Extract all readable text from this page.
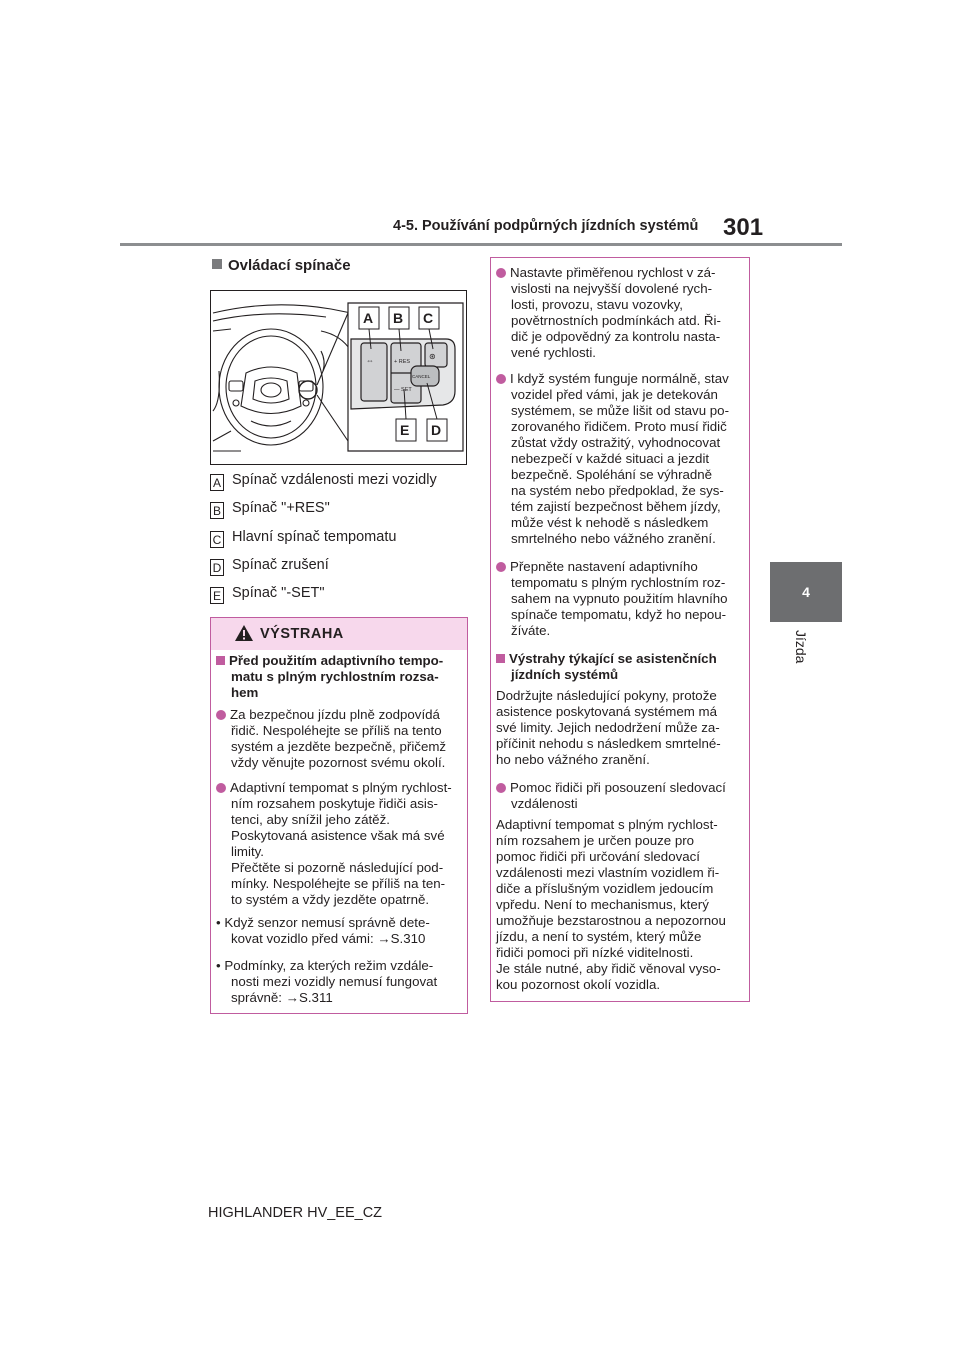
4-5. Používání podpůrných jízdních systémů 301
4
Jízda
Ovládací spínače
⇔	+ RES
— SET
CANCEL
⊛
A B C
E D
A Spínač vzdálenosti mezi vozidly
B Spínač "+RES"
C Hlavní spínač tempomatu
D Spínač zrušení
E Spínač "-SET"
VÝSTRAHA
Před použitím adaptivního tempo-
matu s plným rychlostním rozsa-
hem
Za bezpečnou jízdu plně zodpovídá
řidič. Nespoléhejte se příliš na tento
systém a jezděte bezpečně, přičemž
vždy věnujte pozornost svému okolí.
Adaptivní tempomat s plným rychlost-
ním rozsahem poskytuje řidiči asis-
tenci, aby snížil jeho zátěž.
Poskytovaná asistence však má své
limity.
Přečtěte si pozorně následující pod-
mínky. Nespoléhejte se příliš na ten-
to systém a vždy jezděte opatrně.
• Když senzor nemusí správně dete-
kovat vozidlo před vámi: →S.310
• Podmínky, za kterých režim vzdále-
nosti mezi vozidly nemusí fungovat
správně: →S.311
Nastavte přiměřenou rychlost v zá-
vislosti na nejvyšší dovolené rych-
losti, provozu, stavu vozovky,
povětrnostních podmínkách atd. Ři-
dič je odpovědný za kontrolu nasta-
vené rychlosti.
I když systém funguje normálně, stav
vozidel před vámi, jak je detekován
systémem, se může lišit od stavu po-
zorovaného řidičem. Proto musí řidič
zůstat vždy ostražitý, vyhodnocovat
nebezpečí v každé situaci a jezdit
bezpečně. Spoléhání se výhradně
na systém nebo předpoklad, že sys-
tém zajistí bezpečnost během jízdy,
může vést k nehodě s následkem
smrtelného nebo vážného zranění.
Přepněte nastavení adaptivního
tempomatu s plným rychlostním roz-
sahem na vypnuto použitím hlavního
spínače tempomatu, když ho nepou-
žíváte.
Výstrahy týkající se asistenčních
jízdních systémů
Dodržujte následující pokyny, protože
asistence poskytovaná systémem má
své limity. Jejich nedodržení může za-
příčinit nehodu s následkem smrtelné-
ho nebo vážného zranění.
Pomoc řidiči při posouzení sledovací
vzdálenosti
Adaptivní tempomat s plným rychlost-
ním rozsahem je určen pouze pro
pomoc řidiči při určování sledovací
vzdálenosti mezi vlastním vozidlem ři-
diče a příslušným vozidlem jedoucím
vpředu. Není to mechanismus, který
umožňuje bezstarostnou a nepozornou
jízdu, a není to systém, který může
řidiči pomoci při nízké viditelnosti.
Je stále nutné, aby řidič věnoval vyso-
kou pozornost okolí vozidla.
HIGHLANDER HV_EE_CZ
